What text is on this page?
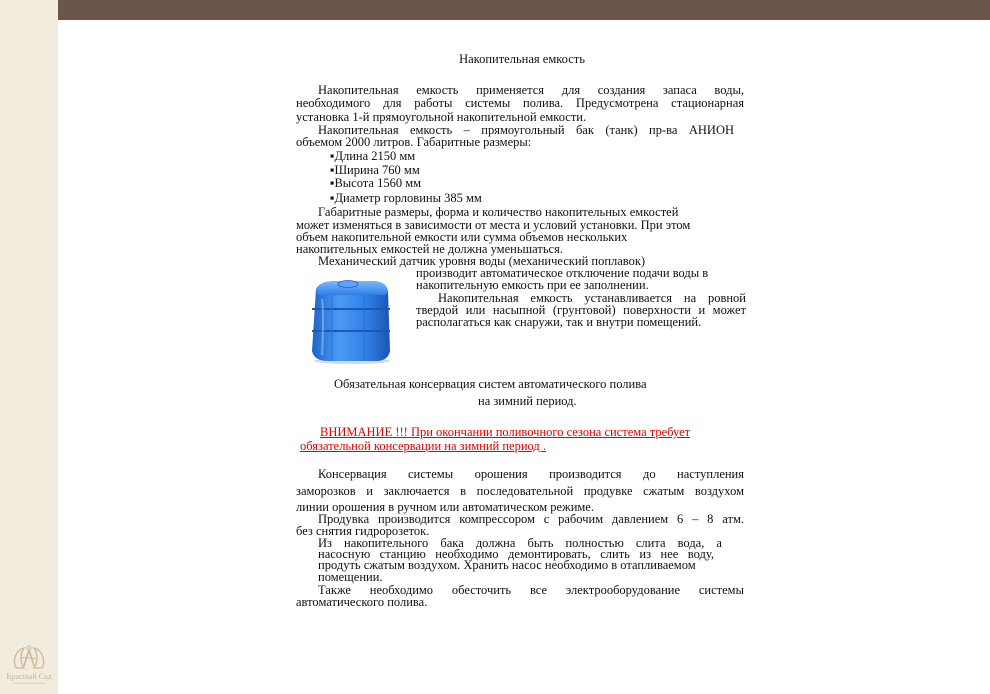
Красный Сад
ландшафтная компания
Накопительная емкость
Накопительная емкость применяется для создания запаса воды,
необходимого для работы системы полива. Предусмотрена стационарная
установка 1-й прямоугольной накопительной емкости.
Накопительная емкость – прямоугольный бак (танк) пр-ва АНИОН
объемом 2000 литров. Габаритные размеры:
▪Длина 2150 мм
▪Ширина 760 мм
▪Высота 1560 мм
▪Диаметр горловины 385 мм
Габаритные размеры, форма и количество накопительных емкостей
может изменяться в зависимости от места и условий установки. При этом
объем накопительной емкости или сумма объемов нескольких
накопительных емкостей не должна уменьшаться.
Механический датчик уровня воды (механический поплавок)
производит автоматическое отключение подачи воды в
накопительную емкость при ее заполнении.
Накопительная емкость устанавливается на ровной
твердой или насыпной (грунтовой) поверхности и может
располагаться как снаружи, так и внутри помещений.
Обязательная консервация систем автоматического полива
на зимний период.
ВНИМАНИЕ !!! При окончании поливочного сезона система требует
обязательной консервации на зимний период .
Консервация системы орошения производится до наступления
заморозков и заключается в последовательной продувке сжатым воздухом
линии орошения в ручном или автоматическом режиме.
Продувка производится компрессором с рабочим давлением 6 – 8 атм.
без снятия гидророзеток.
Из накопительного бака должна быть полностью слита вода, а
насосную станцию необходимо демонтировать, слить из нее воду,
продуть сжатым воздухом. Хранить насос необходимо в отапливаемом
помещении.
Также необходимо обесточить все электрооборудование системы
автоматического полива.
